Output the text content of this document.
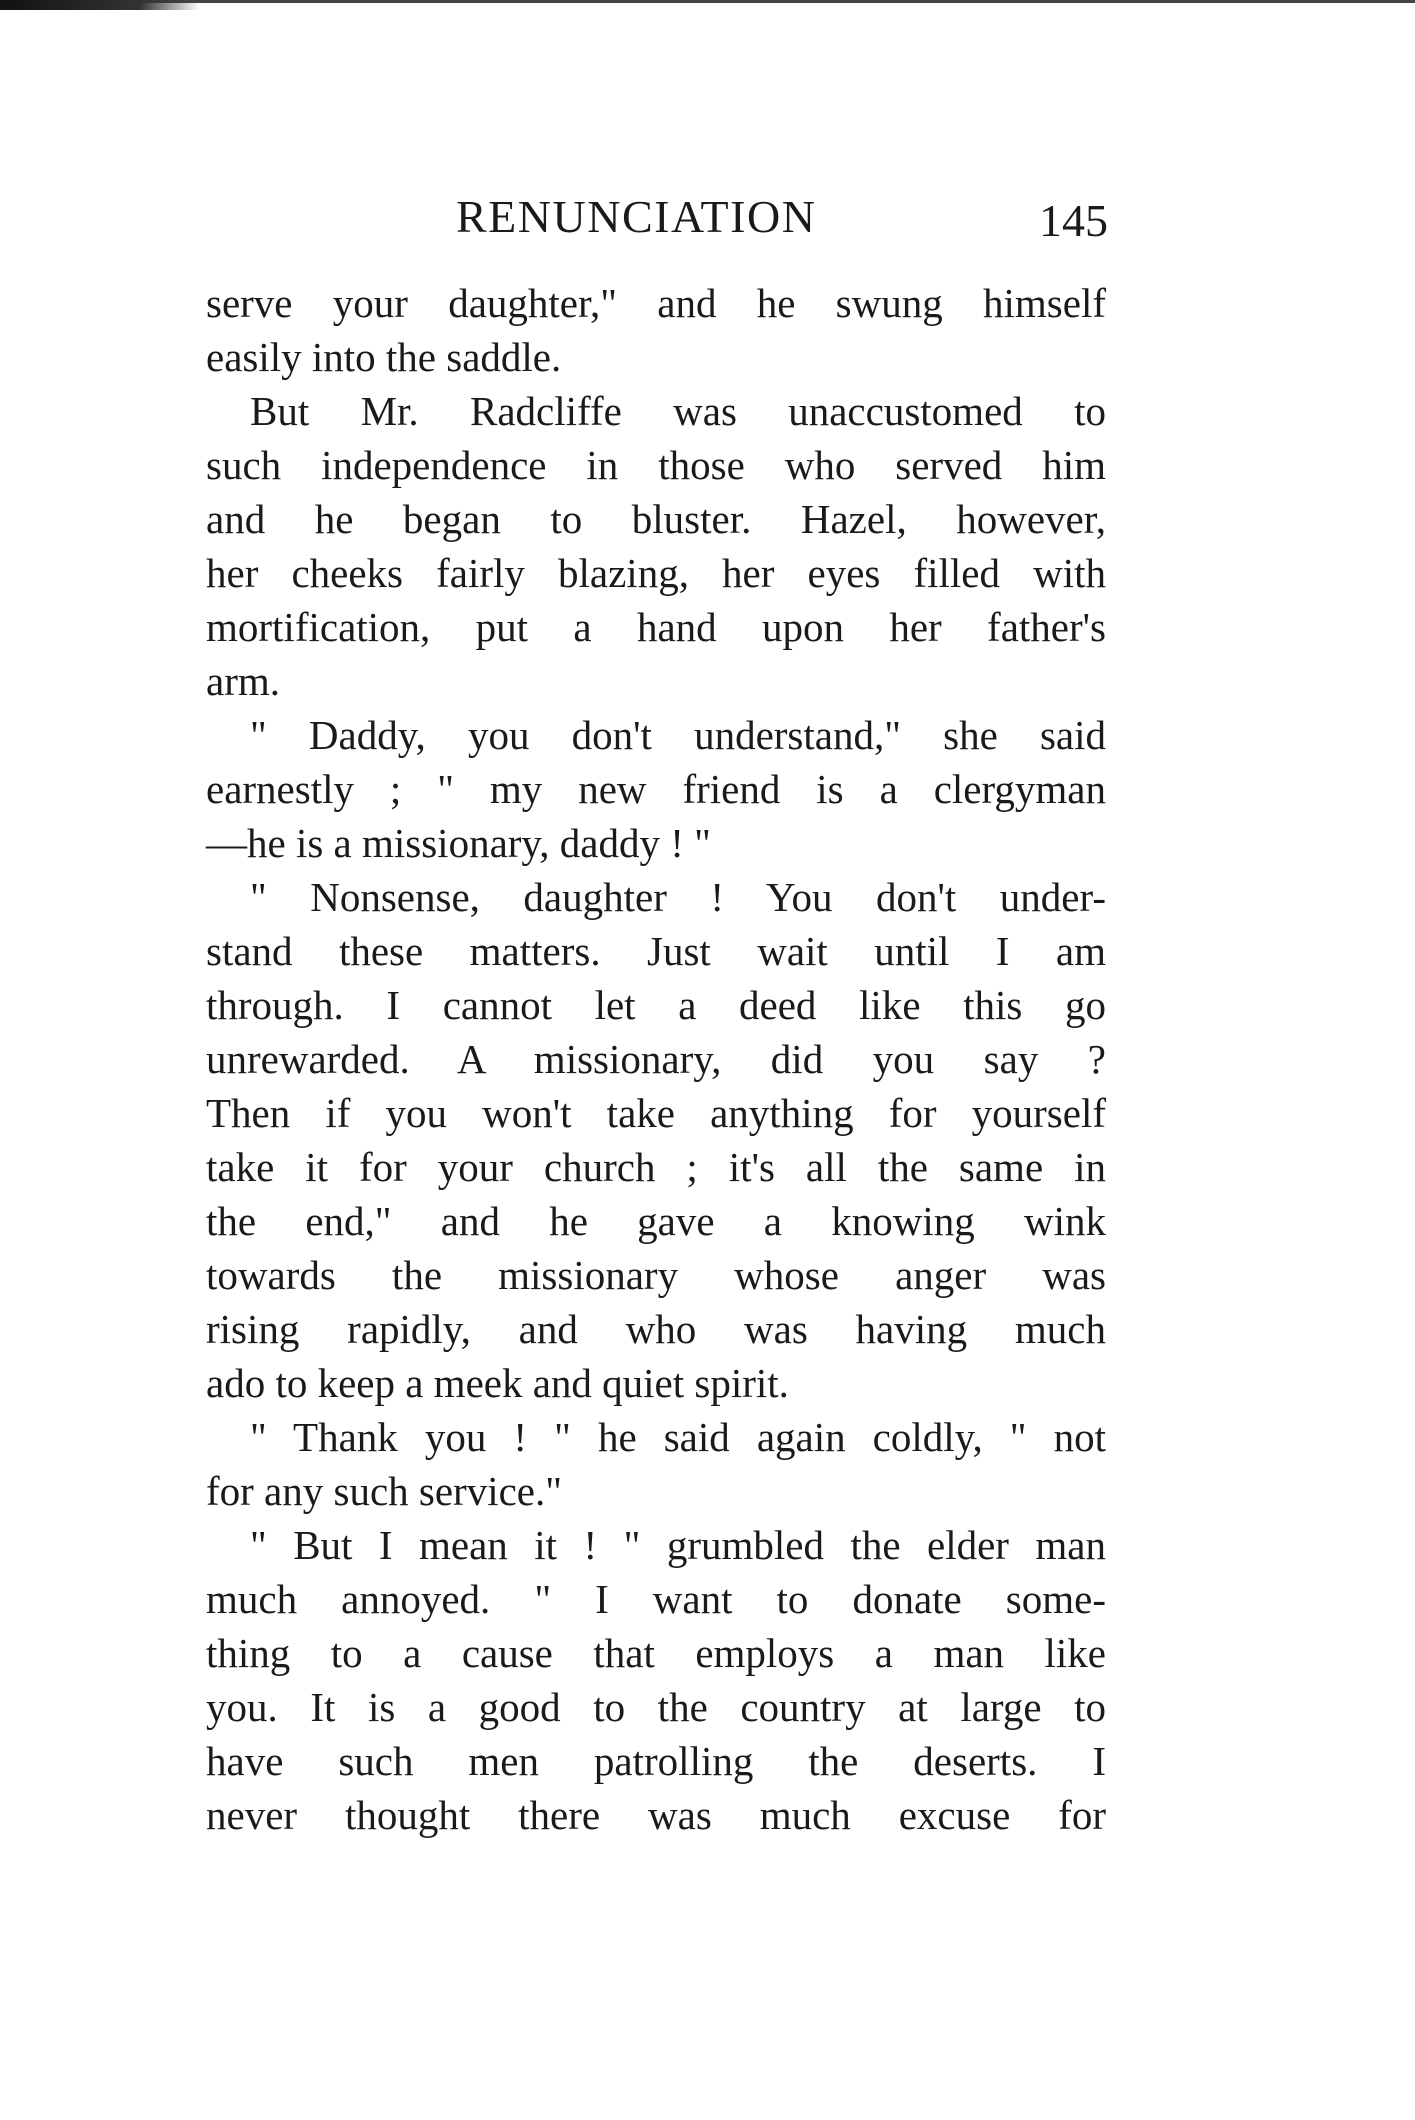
RENUNCIATION	145
serve your daughter," and he swung himself
easily into the saddle.
But Mr. Radcliffe was unaccustomed to
such independence in those who served him
and he began to bluster. Hazel, however,
her cheeks fairly blazing, her eyes filled with
mortification, put a hand upon her father's
arm.
" Daddy, you don't understand," she said
earnestly ; " my new friend is a clergyman
—he is a missionary, daddy ! "
" Nonsense, daughter ! You don't under-
stand these matters. Just wait until I am
through. I cannot let a deed like this go
unrewarded. A missionary, did you say ?
Then if you won't take anything for yourself
take it for your church ; it's all the same in
the end," and he gave a knowing wink
towards the missionary whose anger was
rising rapidly, and who was having much
ado to keep a meek and quiet spirit.
" Thank you ! " he said again coldly, " not
for any such service."
" But I mean it ! " grumbled the elder man
much annoyed. " I want to donate some-
thing to a cause that employs a man like
you. It is a good to the country at large to
have such men patrolling the deserts. I
never thought there was much excuse for
